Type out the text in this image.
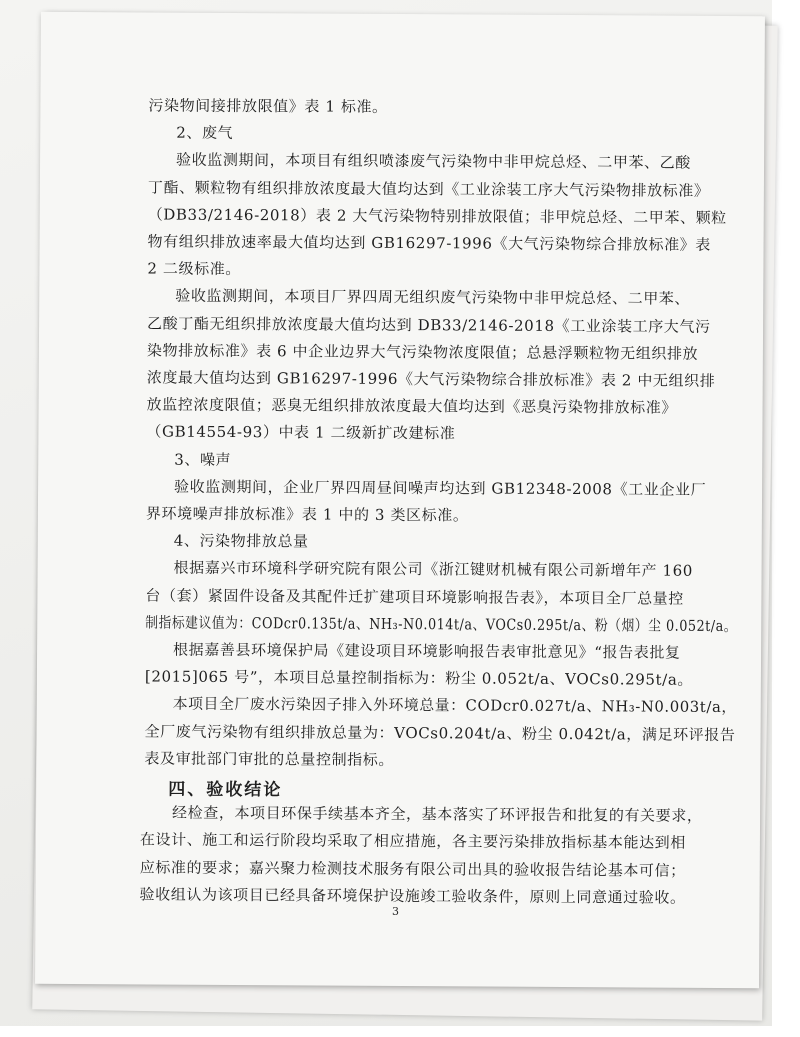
污染物间接排放限值》表 1 标准。
2、废气
验收监测期间，本项目有组织喷漆废气污染物中非甲烷总烃、二甲苯、乙酸
丁酯、颗粒物有组织排放浓度最大值均达到《工业涂装工序大气污染物排放标准》
（DB33/2146-2018）表 2 大气污染物特别排放限值；非甲烷总烃、二甲苯、颗粒
物有组织排放速率最大值均达到 GB16297-1996《大气污染物综合排放标准》表
2 二级标准。
验收监测期间，本项目厂界四周无组织废气污染物中非甲烷总烃、二甲苯、
乙酸丁酯无组织排放浓度最大值均达到 DB33/2146-2018《工业涂装工序大气污
染物排放标准》表 6 中企业边界大气污染物浓度限值；总悬浮颗粒物无组织排放
浓度最大值均达到 GB16297-1996《大气污染物综合排放标准》表 2 中无组织排
放监控浓度限值；恶臭无组织排放浓度最大值均达到《恶臭污染物排放标准》
（GB14554-93）中表 1 二级新扩改建标准
3、噪声
验收监测期间，企业厂界四周昼间噪声均达到 GB12348-2008《工业企业厂
界环境噪声排放标准》表 1 中的 3 类区标准。
4、污染物排放总量
根据嘉兴市环境科学研究院有限公司《浙江键财机械有限公司新增年产 160
台（套）紧固件设备及其配件迁扩建项目环境影响报告表》，本项目全厂总量控
制指标建议值为：CODcr0.135t/a、NH₃-N0.014t/a、VOCs0.295t/a、粉（烟）尘 0.052t/a。
根据嘉善县环境保护局《建设项目环境影响报告表审批意见》“报告表批复
[2015]065 号”，本项目总量控制指标为：粉尘 0.052t/a、VOCs0.295t/a。
本项目全厂废水污染因子排入外环境总量：CODcr0.027t/a、NH₃-N0.003t/a，
全厂废气污染物有组织排放总量为：VOCs0.204t/a、粉尘 0.042t/a，满足环评报告
表及审批部门审批的总量控制指标。
四、验收结论
经检查，本项目环保手续基本齐全，基本落实了环评报告和批复的有关要求，
在设计、施工和运行阶段均采取了相应措施，各主要污染排放指标基本能达到相
应标准的要求；嘉兴聚力检测技术服务有限公司出具的验收报告结论基本可信；
验收组认为该项目已经具备环境保护设施竣工验收条件，原则上同意通过验收。
3
